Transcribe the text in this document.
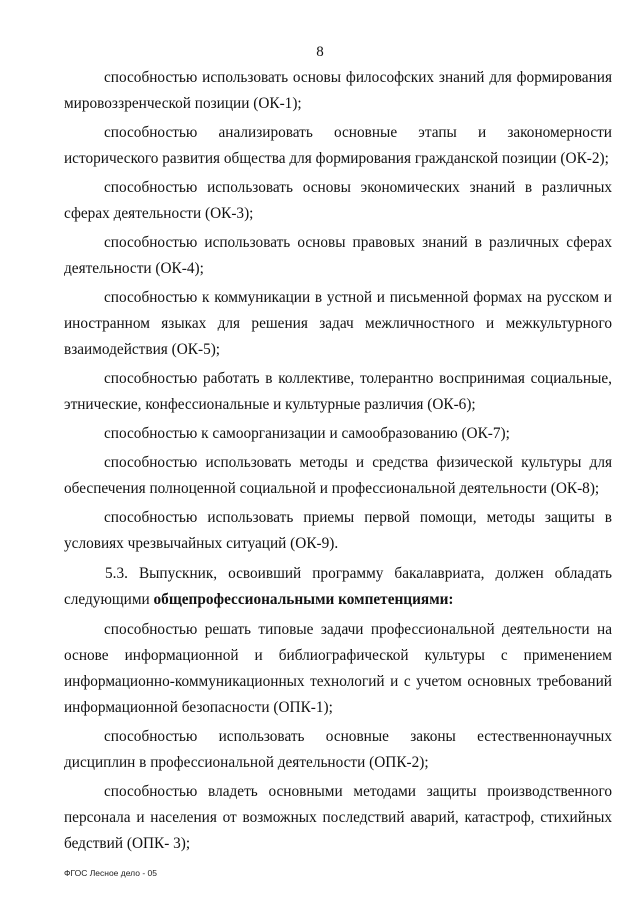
8

способностью использовать основы философских знаний для формирования мировоззренческой позиции (ОК-1);

способностью анализировать основные этапы и закономерности исторического развития общества для формирования гражданской позиции (ОК-2);

способностью использовать основы экономических знаний в различных сферах деятельности (ОК-3);

способностью использовать основы правовых знаний в различных сферах деятельности (ОК-4);

способностью к коммуникации в устной и письменной формах на русском и иностранном языках для решения задач межличностного и межкультурного взаимодействия (ОК-5);

способностью работать в коллективе, толерантно воспринимая социальные, этнические, конфессиональные и культурные различия (ОК-6);

способностью к самоорганизации и самообразованию (ОК-7);

способностью использовать методы и средства физической культуры для обеспечения полноценной социальной и профессиональной деятельности (ОК-8);

способностью использовать приемы первой помощи, методы защиты в условиях чрезвычайных ситуаций (ОК-9).

5.3. Выпускник, освоивший программу бакалавриата, должен обладать следующими общепрофессиональными компетенциями:

способностью решать типовые задачи профессиональной деятельности на основе информационной и библиографической культуры с применением информационно-коммуникационных технологий и с учетом основных требований информационной безопасности (ОПК-1);

способностью использовать основные законы естественнонаучных дисциплин в профессиональной деятельности (ОПК-2);

способностью владеть основными методами защиты производственного персонала и населения от возможных последствий аварий, катастроф, стихийных бедствий (ОПК- 3);

ФГОС Лесное дело - 05
